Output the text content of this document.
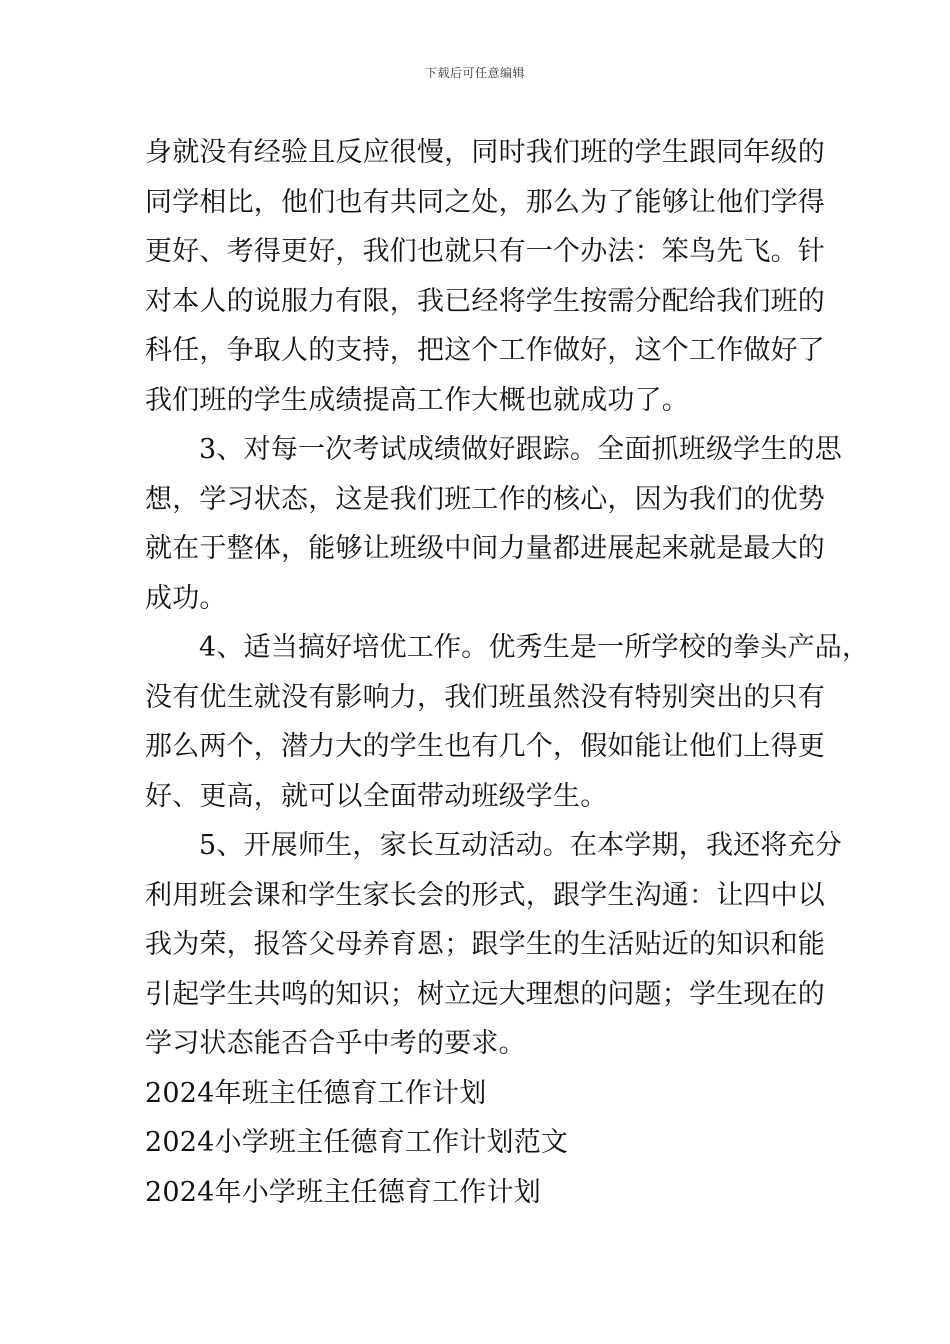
下载后可任意编辑
身就没有经验且反应很慢，同时我们班的学生跟同年级的
同学相比，他们也有共同之处，那么为了能够让他们学得
更好、考得更好，我们也就只有一个办法：笨鸟先飞。针
对本人的说服力有限，我已经将学生按需分配给我们班的
科任，争取人的支持，把这个工作做好，这个工作做好了
我们班的学生成绩提高工作大概也就成功了。
3、对每一次考试成绩做好跟踪。全面抓班级学生的思
想，学习状态，这是我们班工作的核心，因为我们的优势
就在于整体，能够让班级中间力量都进展起来就是最大的
成功。
4、适当搞好培优工作。优秀生是一所学校的拳头产品，
没有优生就没有影响力，我们班虽然没有特别突出的只有
那么两个，潜力大的学生也有几个，假如能让他们上得更
好、更高，就可以全面带动班级学生。
5、开展师生，家长互动活动。在本学期，我还将充分
利用班会课和学生家长会的形式，跟学生沟通：让四中以
我为荣，报答父母养育恩；跟学生的生活贴近的知识和能
引起学生共鸣的知识；树立远大理想的问题；学生现在的
学习状态能否合乎中考的要求。
2024年班主任德育工作计划
2024小学班主任德育工作计划范文
2024年小学班主任德育工作计划
